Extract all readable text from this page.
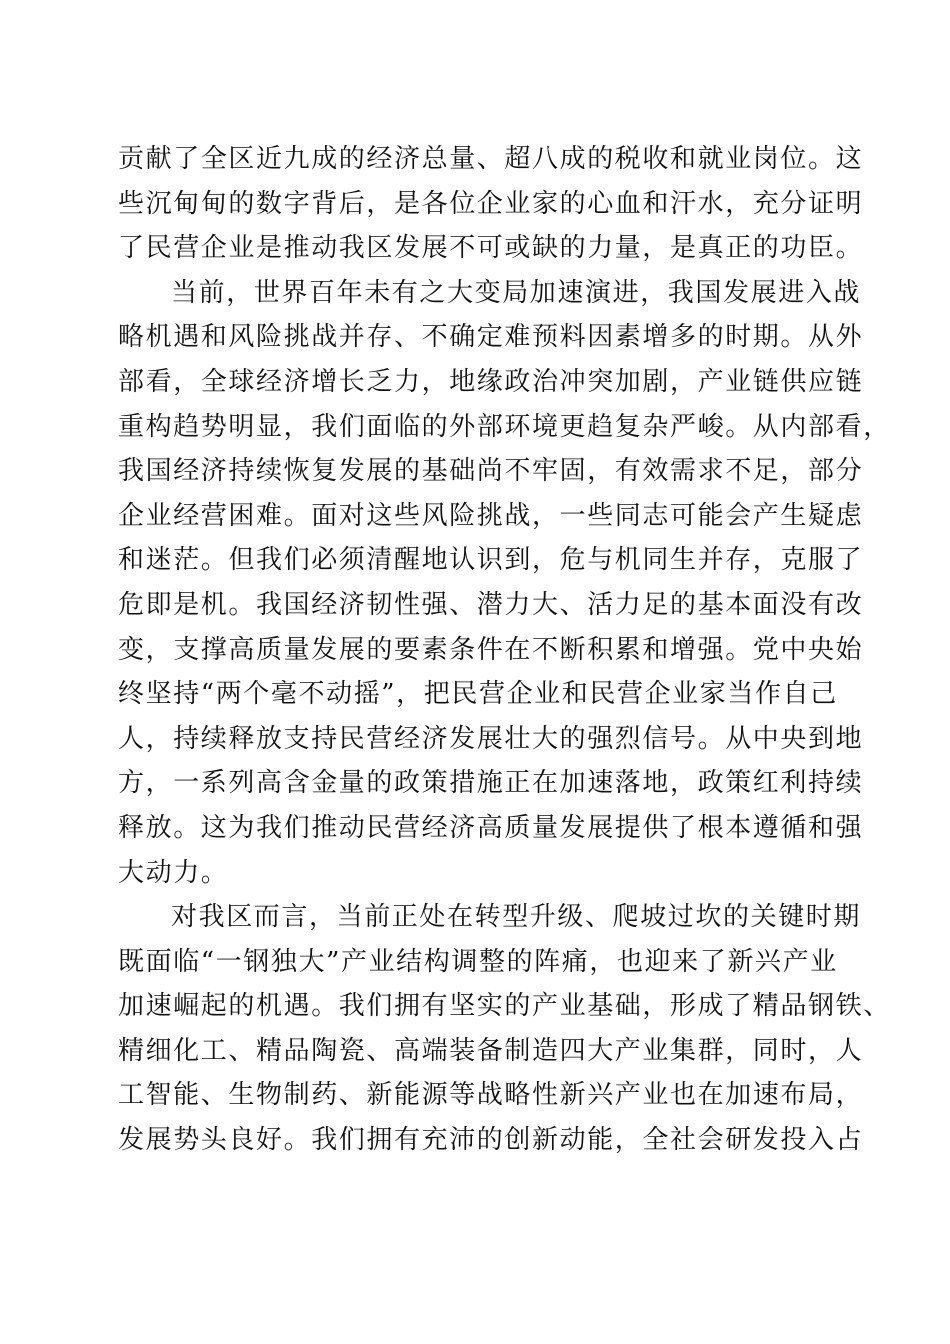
贡献了全区近九成的经济总量、超八成的税收和就业岗位。这
些沉甸甸的数字背后，是各位企业家的心血和汗水，充分证明
了民营企业是推动我区发展不可或缺的力量，是真正的功臣。
当前，世界百年未有之大变局加速演进，我国发展进入战
略机遇和风险挑战并存、不确定难预料因素增多的时期。从外
部看，全球经济增长乏力，地缘政治冲突加剧，产业链供应链
重构趋势明显，我们面临的外部环境更趋复杂严峻。从内部看，
我国经济持续恢复发展的基础尚不牢固，有效需求不足，部分
企业经营困难。面对这些风险挑战，一些同志可能会产生疑虑
和迷茫。但我们必须清醒地认识到，危与机同生并存，克服了
危即是机。我国经济韧性强、潜力大、活力足的基本面没有改
变，支撑高质量发展的要素条件在不断积累和增强。党中央始
终坚持“两个毫不动摇”，把民营企业和民营企业家当作自己
人，持续释放支持民营经济发展壮大的强烈信号。从中央到地
方，一系列高含金量的政策措施正在加速落地，政策红利持续
释放。这为我们推动民营经济高质量发展提供了根本遵循和强
大动力。
对我区而言，当前正处在转型升级、爬坡过坎的关键时期
既面临“一钢独大”产业结构调整的阵痛，也迎来了新兴产业
加速崛起的机遇。我们拥有坚实的产业基础，形成了精品钢铁、
精细化工、精品陶瓷、高端装备制造四大产业集群，同时，人
工智能、生物制药、新能源等战略性新兴产业也在加速布局，
发展势头良好。我们拥有充沛的创新动能，全社会研发投入占
